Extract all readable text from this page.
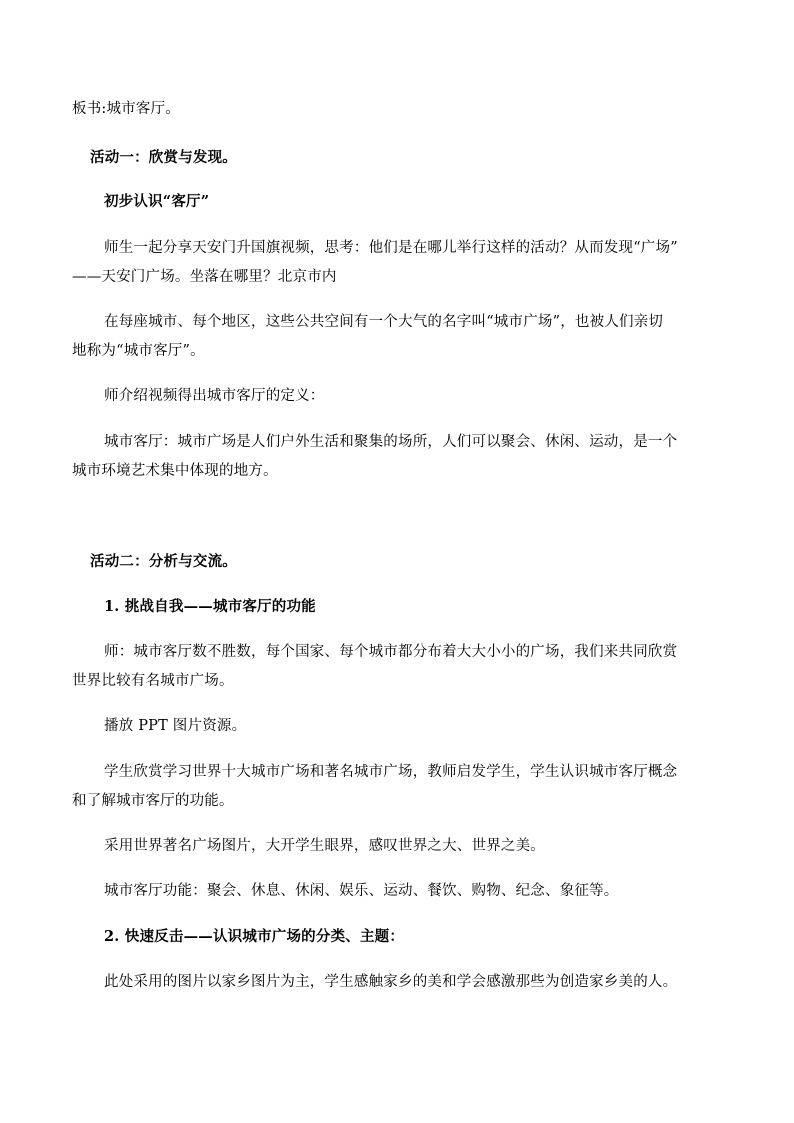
板书:城市客厅。
活动一：欣赏与发现。
初步认识“客厅”
师生一起分享天安门升国旗视频，思考：他们是在哪儿举行这样的活动？从而发现“广场”
——天安门广场。坐落在哪里？北京市内
在每座城市、每个地区，这些公共空间有一个大气的名字叫“城市广场”，也被人们亲切
地称为“城市客厅”。
师介绍视频得出城市客厅的定义：
城市客厅：城市广场是人们户外生活和聚集的场所，人们可以聚会、休闲、运动，是一个
城市环境艺术集中体现的地方。
活动二：分析与交流。
1. 挑战自我——城市客厅的功能
师：城市客厅数不胜数，每个国家、每个城市都分布着大大小小的广场，我们来共同欣赏
世界比较有名城市广场。
播放 PPT 图片资源。
学生欣赏学习世界十大城市广场和著名城市广场，教师启发学生，学生认识城市客厅概念
和了解城市客厅的功能。
采用世界著名广场图片，大开学生眼界，感叹世界之大、世界之美。
城市客厅功能：聚会、休息、休闲、娱乐、运动、餐饮、购物、纪念、象征等。
2. 快速反击——认识城市广场的分类、主题：
此处采用的图片以家乡图片为主，学生感触家乡的美和学会感激那些为创造家乡美的人。
